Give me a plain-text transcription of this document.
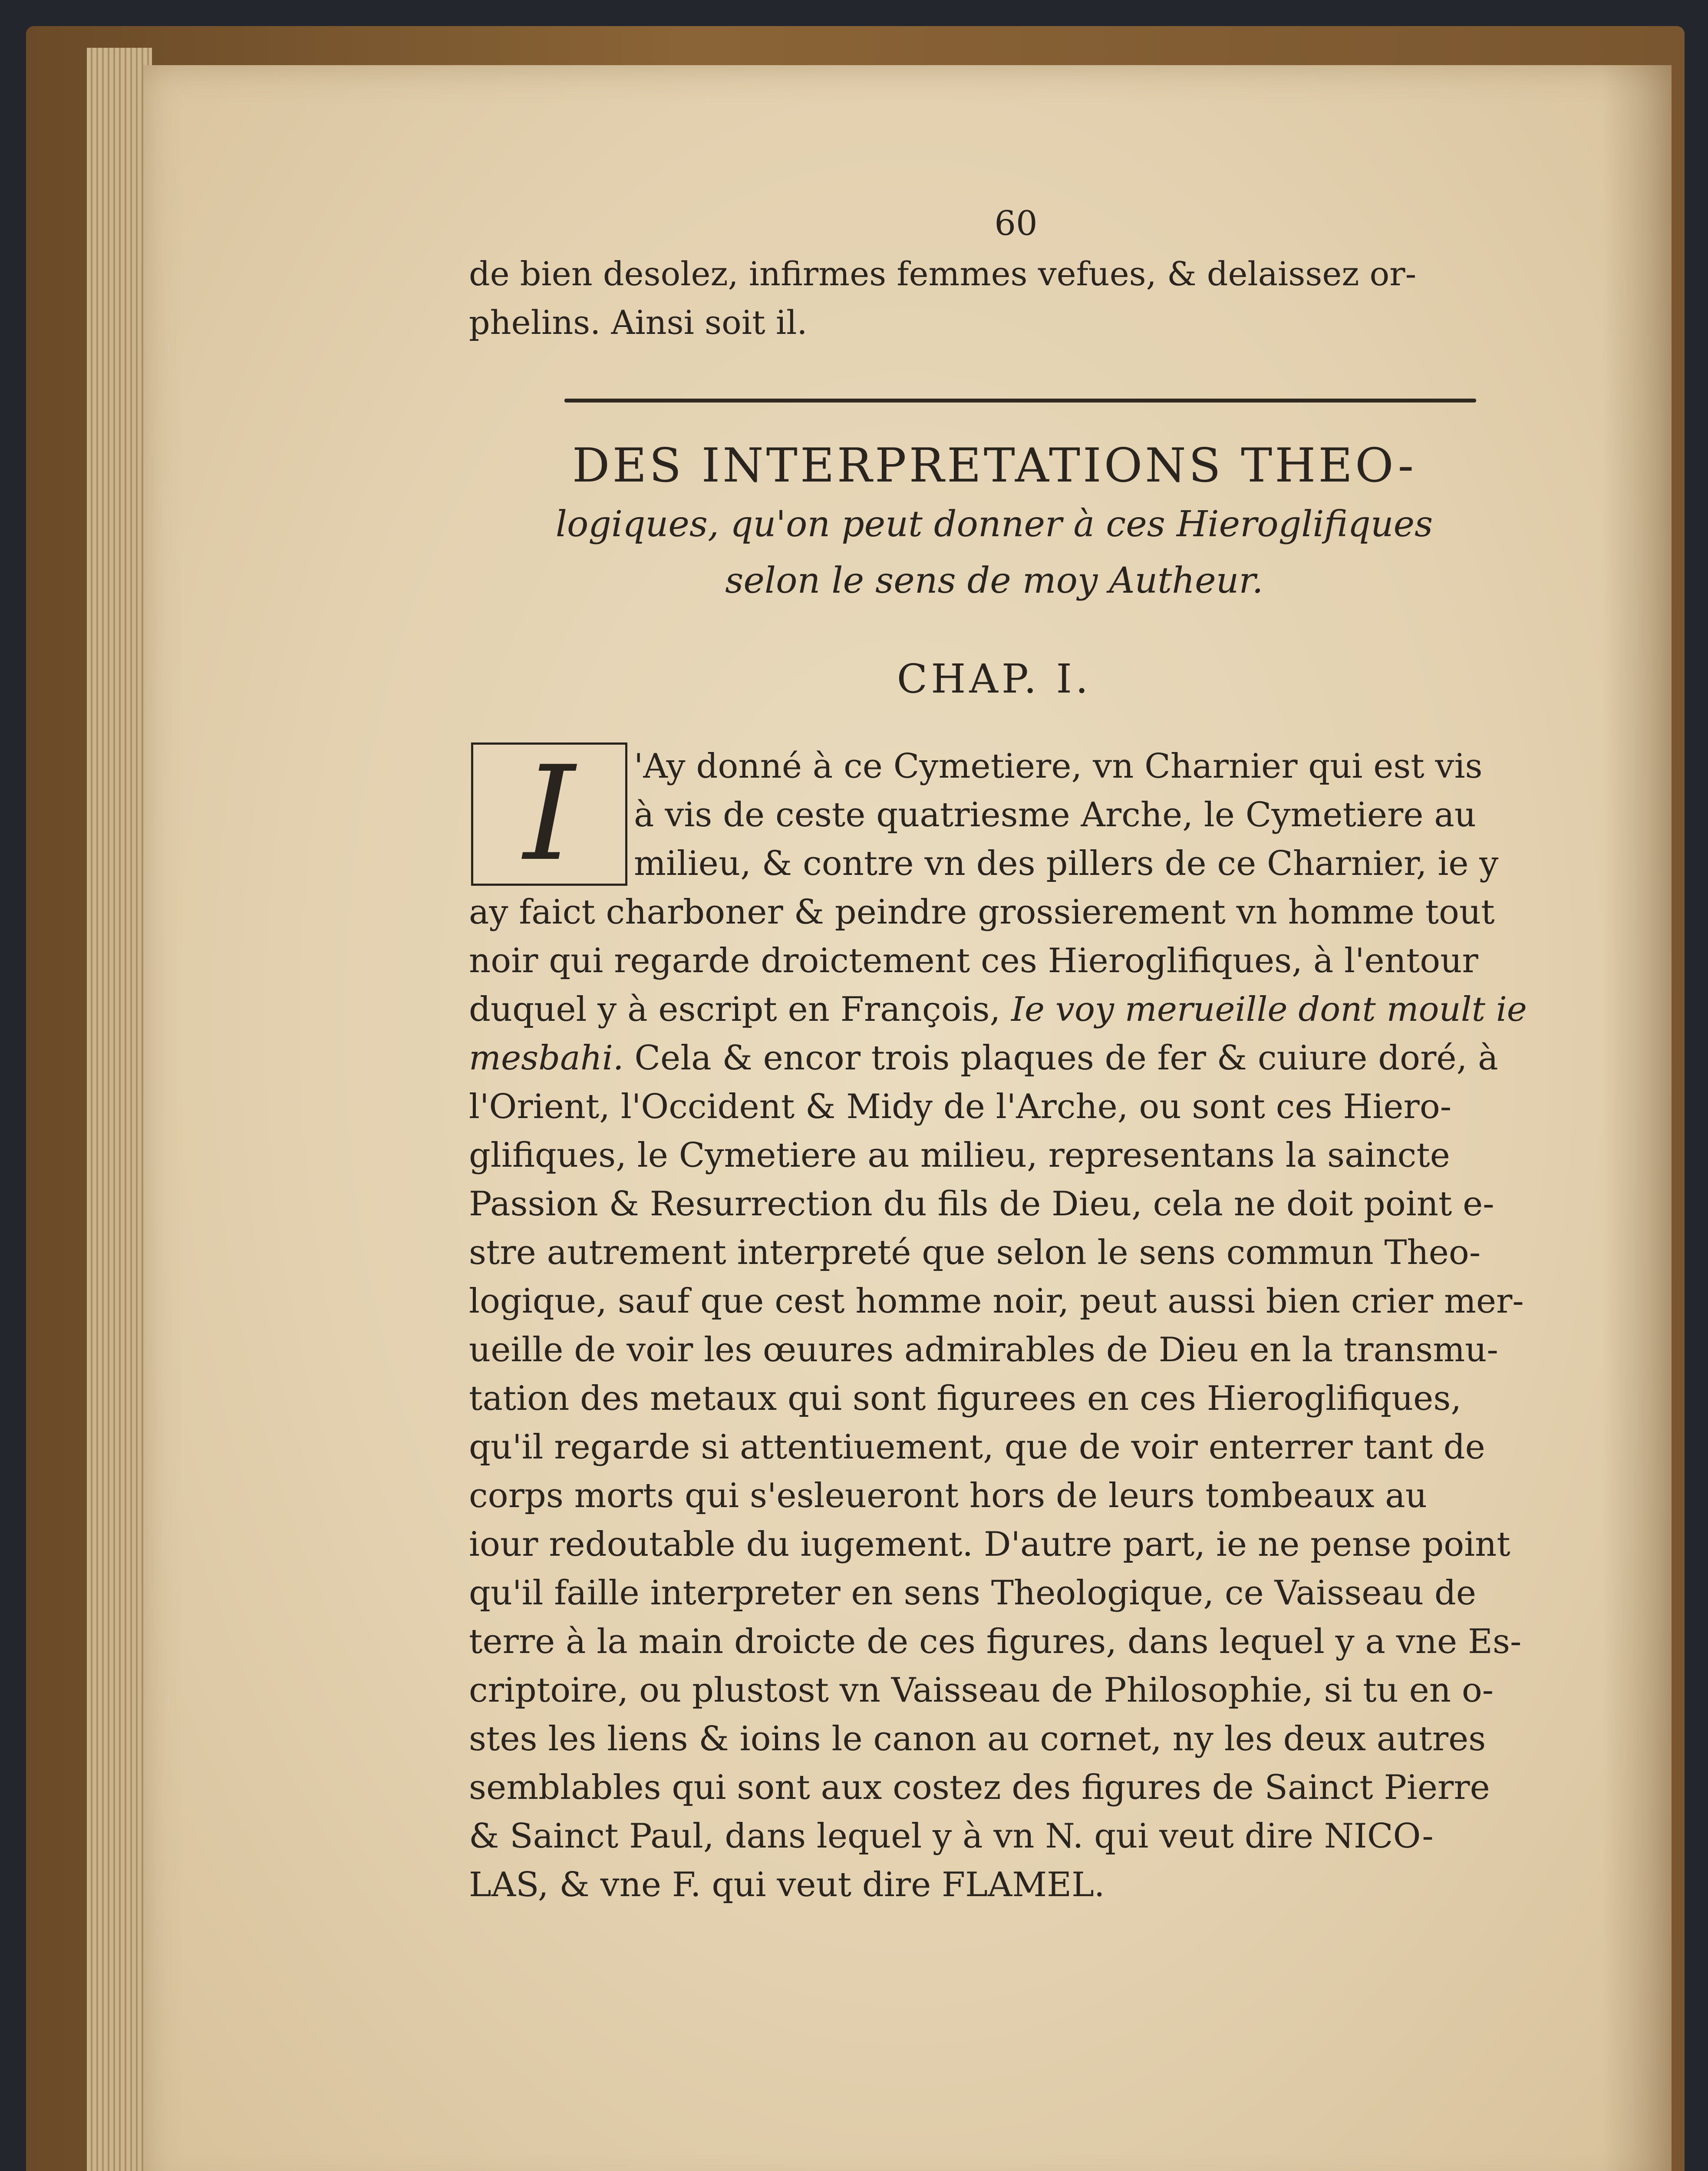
60
de bien desolez, infirmes femmes vefues, & delaissez or-
phelins. Ainsi soit il.
DES INTERPRETATIONS THEO-
logiques, qu'on peut donner à ces Hieroglifiques
selon le sens de moy Autheur.
CHAP. I.
I 'Ay donné à ce Cymetiere, vn Charnier qui est vis
à vis de ceste quatriesme Arche, le Cymetiere au
milieu, & contre vn des pillers de ce Charnier, ie y
ay faict charboner & peindre grossierement vn homme tout
noir qui regarde droictement ces Hieroglifiques, à l'entour
duquel y à escript en François, Ie voy merueille dont moult ie
mesbahi. Cela & encor trois plaques de fer & cuiure doré, à
l'Orient, l'Occident & Midy de l'Arche, ou sont ces Hiero-
glifiques, le Cymetiere au milieu, representans la saincte
Passion & Resurrection du fils de Dieu, cela ne doit point e-
stre autrement interpreté que selon le sens commun Theo-
logique, sauf que cest homme noir, peut aussi bien crier mer-
ueille de voir les œuures admirables de Dieu en la transmu-
tation des metaux qui sont figurees en ces Hieroglifiques,
qu'il regarde si attentiuement, que de voir enterrer tant de
corps morts qui s'esleueront hors de leurs tombeaux au
iour redoutable du iugement. D'autre part, ie ne pense point
qu'il faille interpreter en sens Theologique, ce Vaisseau de
terre à la main droicte de ces figures, dans lequel y a vne Es-
criptoire, ou plustost vn Vaisseau de Philosophie, si tu en o-
stes les liens & ioins le canon au cornet, ny les deux autres
semblables qui sont aux costez des figures de Sainct Pierre
& Sainct Paul, dans lequel y à vn N. qui veut dire NICO-
LAS, & vne F. qui veut dire FLAMEL.
